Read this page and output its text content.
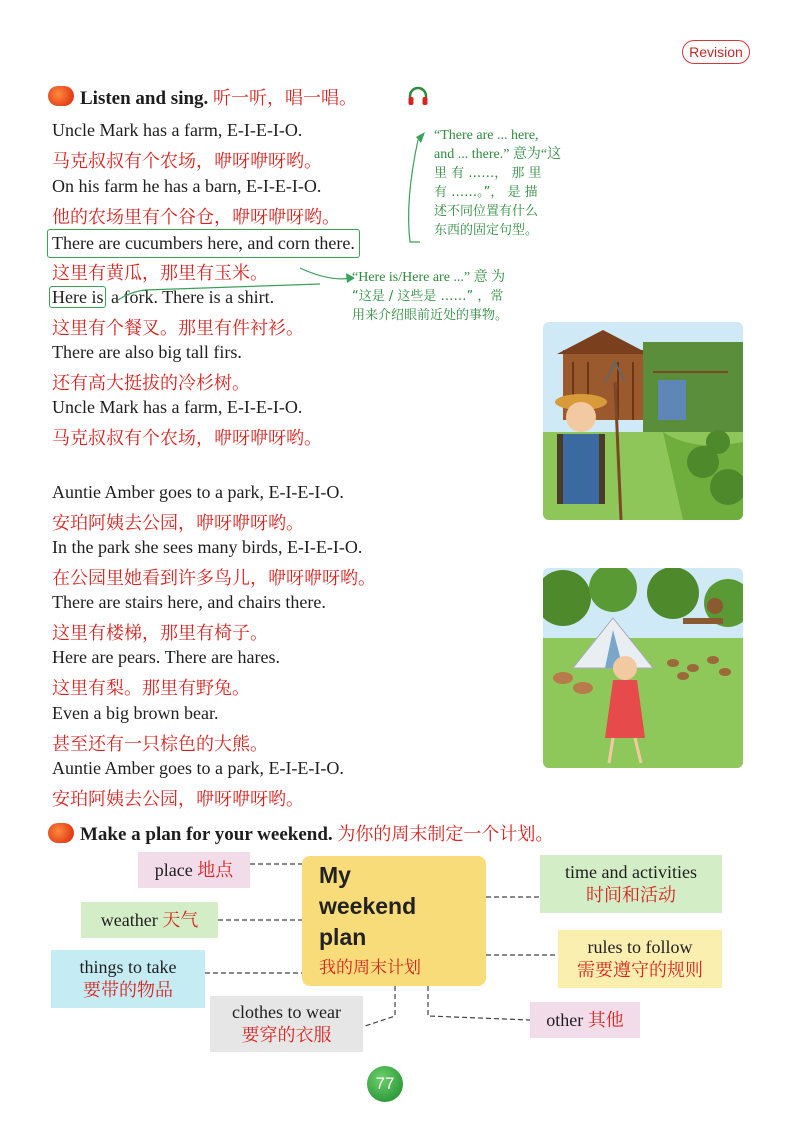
Revision
Listen and sing. 听一听，唱一唱。
Uncle Mark has a farm, E-I-E-I-O.
马克叔叔有个农场，咿呀咿呀哟。
On his farm he has a barn, E-I-E-I-O.
他的农场里有个谷仓，咿呀咿呀哟。
There are cucumbers here, and corn there.
这里有黄瓜，那里有玉米。
Here is a fork. There is a shirt.
这里有个餐叉。那里有件衬衫。
There are also big tall firs.
还有高大挺拔的冷杉树。
Uncle Mark has a farm, E-I-E-I-O.
马克叔叔有个农场，咿呀咿呀哟。
Auntie Amber goes to a park, E-I-E-I-O.
安珀阿姨去公园，咿呀咿呀哟。
In the park she sees many birds, E-I-E-I-O.
在公园里她看到许多鸟儿，咿呀咿呀哟。
There are stairs here, and chairs there.
这里有楼梯，那里有椅子。
Here are pears. There are hares.
这里有梨。那里有野兔。
Even a big brown bear.
甚至还有一只棕色的大熊。
Auntie Amber goes to a park, E-I-E-I-O.
安珀阿姨去公园，咿呀咿呀哟。
“There are ... here,
and ... there.” 意为“这
里 有 ……， 那 里
有 ……。”， 是 描
述不同位置有什么
东西的固定句型。
“Here is/Here are ...” 意 为
“这是 / 这些是 ……” ，常
用来介绍眼前近处的事物。
Make a plan for your weekend. 为你的周末制定一个计划。
My
weekend
plan
我的周末计划
place 地点
weather 天气
things to take
要带的物品
clothes to wear
要穿的衣服
time and activities
时间和活动
rules to follow
需要遵守的规则
other 其他
77
